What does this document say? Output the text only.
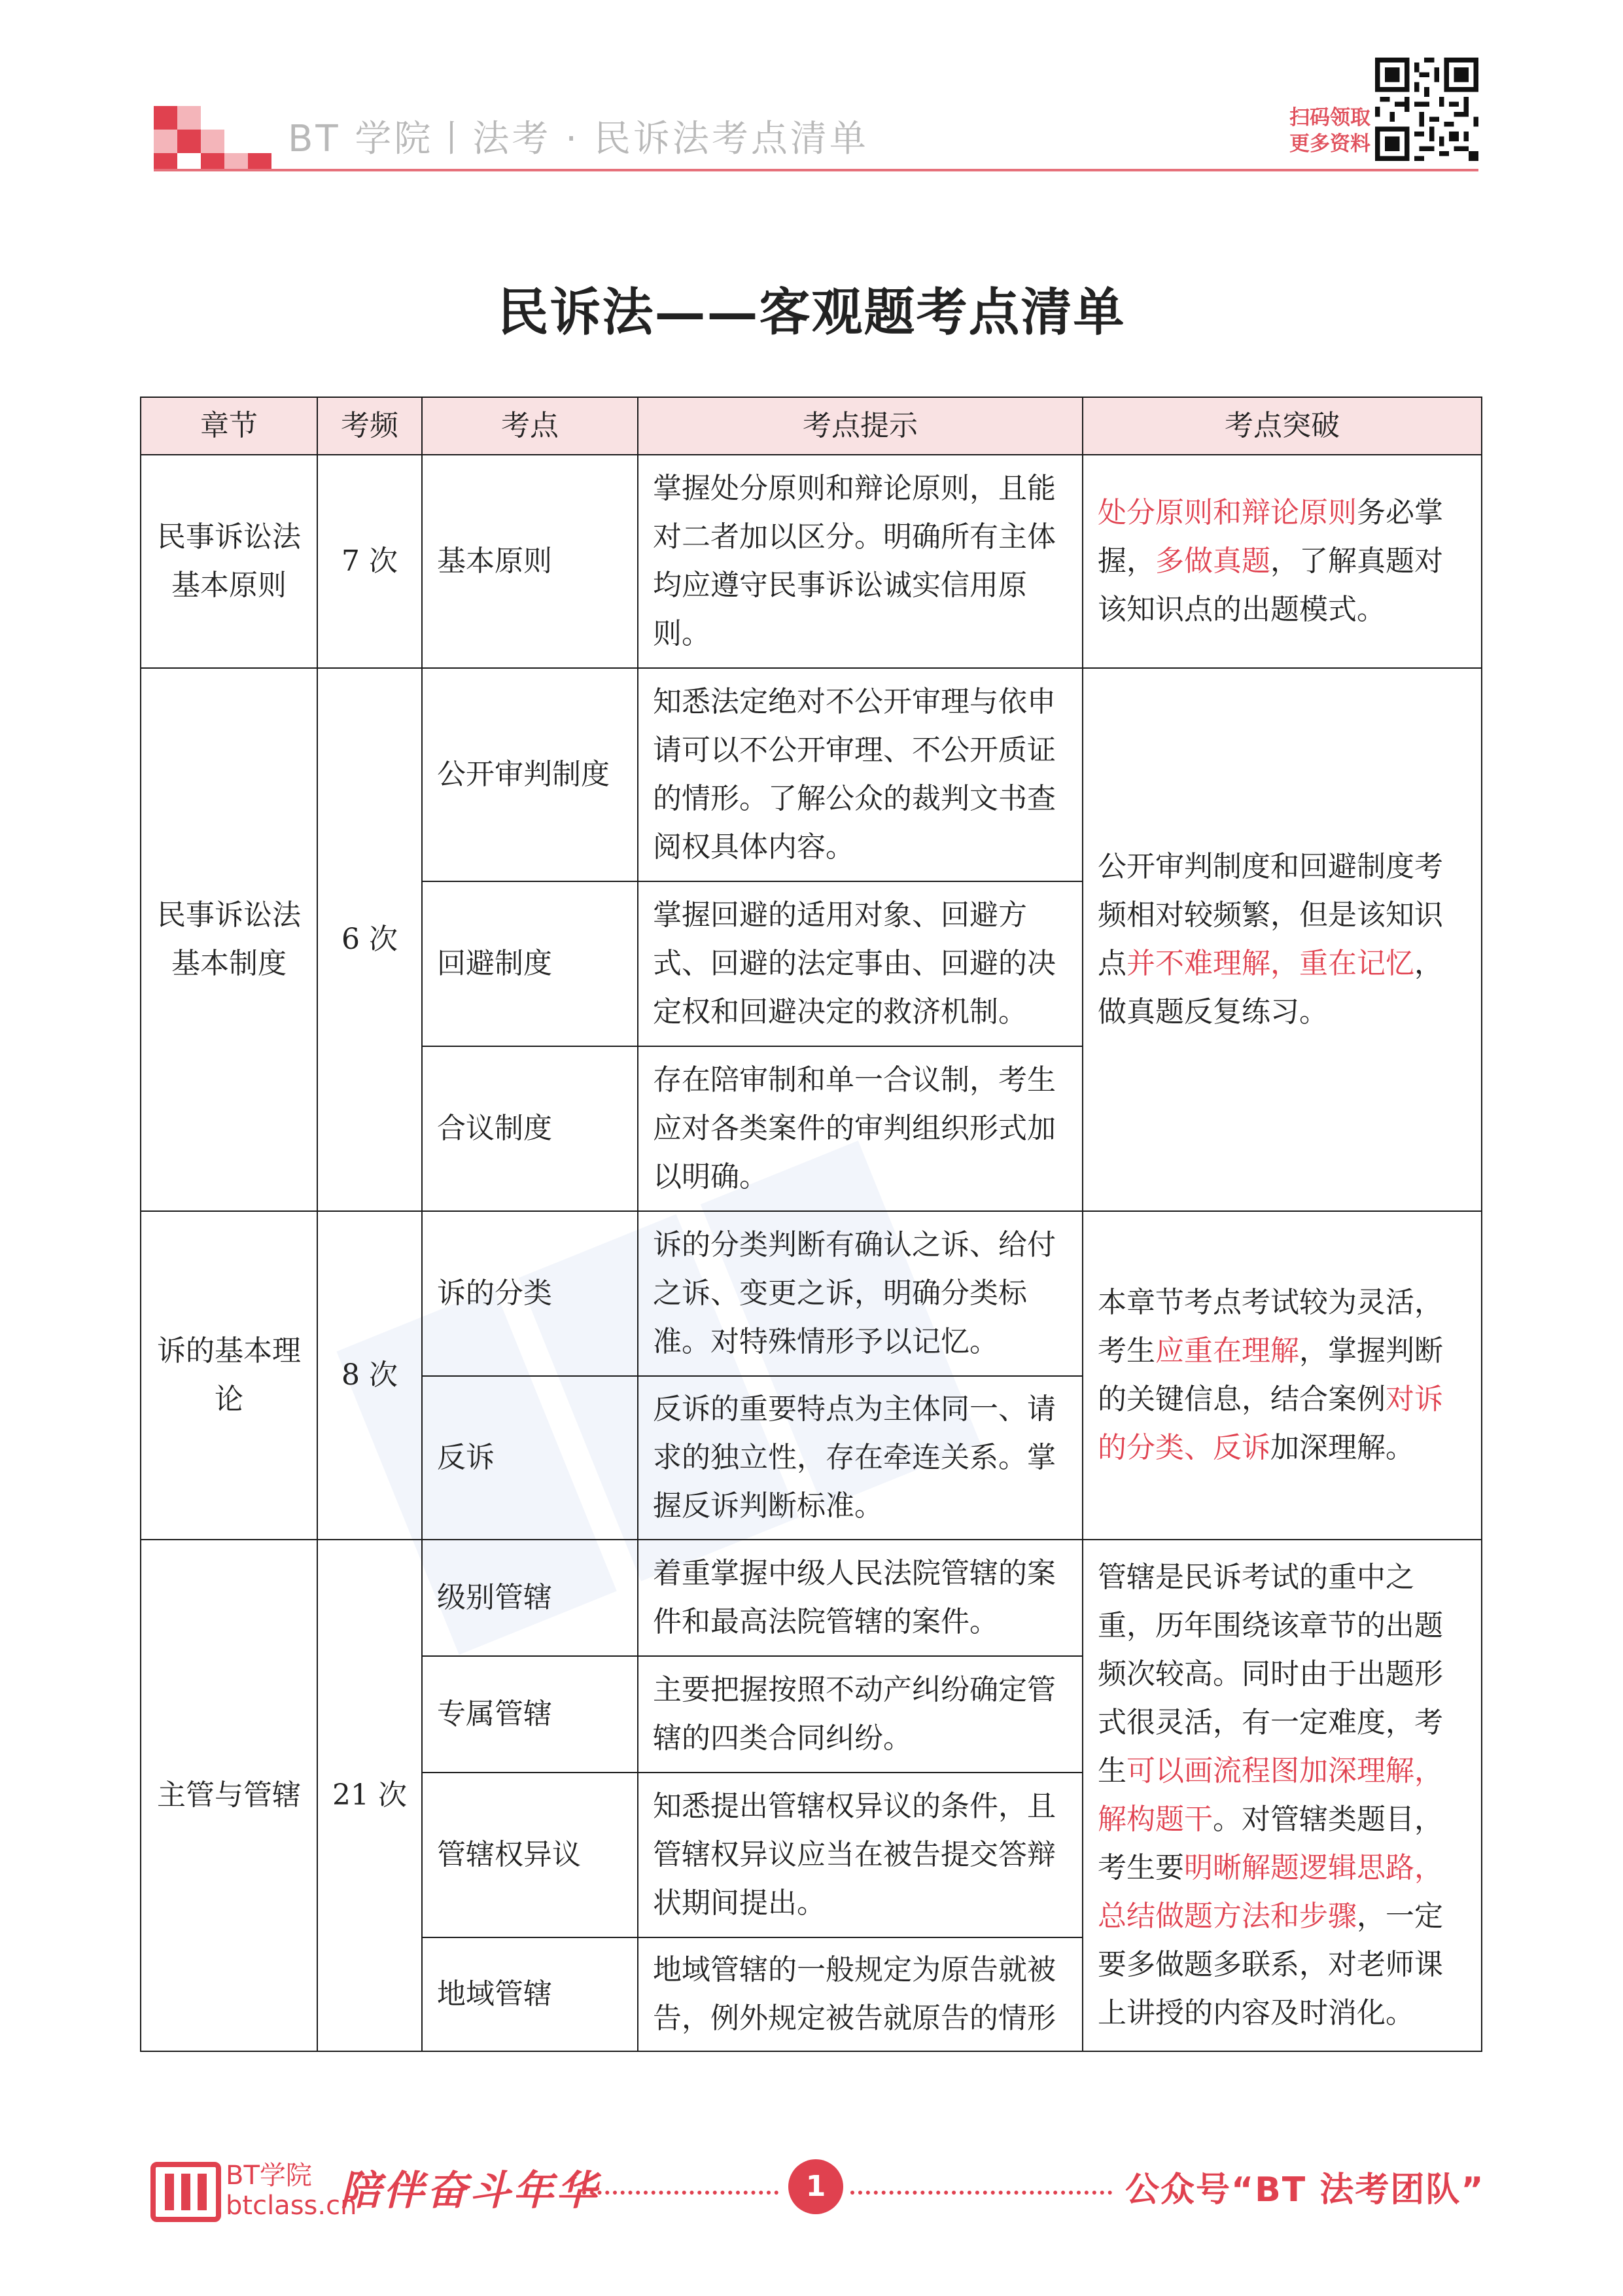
BT 学院丨法考 · 民诉法考点清单	扫码领取
更多资料
民诉法——客观题考点清单
章节	考频	考点	考点提示	考点突破
民事诉讼法基本原则	7 次	基本原则	掌握处分原则和辩论原则，且能对二者加以区分。明确所有主体均应遵守民事诉讼诚实信用原则。	处分原则和辩论原则务必掌握，多做真题，了解真题对该知识点的出题模式。
民事诉讼法基本制度	6 次	公开审判制度	知悉法定绝对不公开审理与依申请可以不公开审理、不公开质证的情形。了解公众的裁判文书查阅权具体内容。	公开审判制度和回避制度考频相对较频繁，但是该知识点并不难理解，重在记忆，做真题反复练习。
		回避制度	掌握回避的适用对象、回避方式、回避的法定事由、回避的决定权和回避决定的救济机制。	
		合议制度	存在陪审制和单一合议制，考生应对各类案件的审判组织形式加以明确。	
诉的基本理论	8 次	诉的分类	诉的分类判断有确认之诉、给付之诉、变更之诉，明确分类标准。对特殊情形予以记忆。	本章节考点考试较为灵活，考生应重在理解，掌握判断的关键信息，结合案例对诉的分类、反诉加深理解。
		反诉	反诉的重要特点为主体同一、请求的独立性，存在牵连关系。掌握反诉判断标准。	
主管与管辖	21 次	级别管辖	着重掌握中级人民法院管辖的案件和最高法院管辖的案件。	管辖是民诉考试的重中之重，历年围绕该章节的出题频次较高。同时由于出题形式很灵活，有一定难度，考生可以画流程图加深理解，解构题干。对管辖类题目，考生要明晰解题逻辑思路，总结做题方法和步骤，一定要多做题多联系，对老师课上讲授的内容及时消化。
		专属管辖	主要把握按照不动产纠纷确定管辖的四类合同纠纷。	
		管辖权异议	知悉提出管辖权异议的条件，且管辖权异议应当在被告提交答辩状期间提出。	
		地域管辖	地域管辖的一般规定为原告就被告，例外规定被告就原告的情形	
BT学院
btclass.cn
陪伴奋斗年华	1	公众号“BT 法考团队”
